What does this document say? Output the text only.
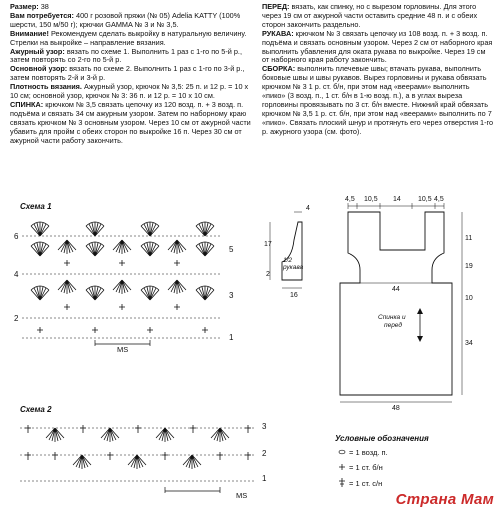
Размер: 38

Вам потребуется: 400 г розовой пряжи (№ 05) Adelia KATTY (100% шерсти, 150 м/50 г); крючки GAMMA № 3 и № 3,5.

Внимание! Рекомендуем сделать выкройку в натуральную величину. Стрелки на выкройке – направление вязания.

Ажурный узор: вязать по схеме 1. Выполнить 1 раз с 1-го по 5-й р., затем повторять со 2-го по 5-й р.

Основной узор: вязать по схеме 2. Выполнить 1 раз с 1-го по 3-й р., затем повторять 2-й и 3-й р.

Плотность вязания. Ажурный узор, крючок № 3,5: 25 п. и 12 р. = 10 х 10 см; основной узор, крючок № 3: 36 п. и 12 р. = 10 х 10 см.

СПИНКА: крючком № 3,5 связать цепочку из 120 возд. п. + 3 возд. п. подъёма и связать 34 см ажурным узором. Затем по наборному краю связать крючком № 3 основным узором. Через 10 см от ажурной части убавить для пройм с обеих сторон по выкройке 16 п. Через 30 см от ажурной части работу закончить.

ПЕРЕД: вязать, как спинку, но с вырезом горловины. Для этого через 19 см от ажурной части оставить средние 48 п. и с обеих сторон закончить раздельно.

РУКАВА: крючком № 3 связать цепочку из 108 возд. п. + 3 возд. п. подъёма и связать основным узором. Через 2 см от наборного края выполнить убавления для оката рукава по выкройке. Через 19 см от наборного края работу закончить.

СБОРКА: выполнить плечевые швы; втачать рукава, выполнить боковые швы и швы рукавов. Вырез горловины и рукава обвязать крючком № 3 1 р. ст. б/н, при этом над «веерами» выполнить «пико» (3 возд. п., 1 ст. б/н в 1-ю возд. п.), а в углах выреза горловины провязывать по 3 ст. б/н вместе. Нижний край обвязать крючком № 3,5 1 р. ст. б/н, при этом над «веерами» выполнить по 7 «пико». Связать плоский шнур и протянуть его через отверстия 1-го р. ажурного узора (см. фото).

Схема 1
6
4
2
5
3
1
MS
Схема 2
3
2
1
MS
4
17
2
16
1/2
рукава
4,5 10,5 14 10,5 4,5
11
19
10
34
44
48
Спинка и
перед
Условные обозначения
= 1 возд. п.
= 1 ст. б/н
= 1 ст. с/н
Страна Мам
